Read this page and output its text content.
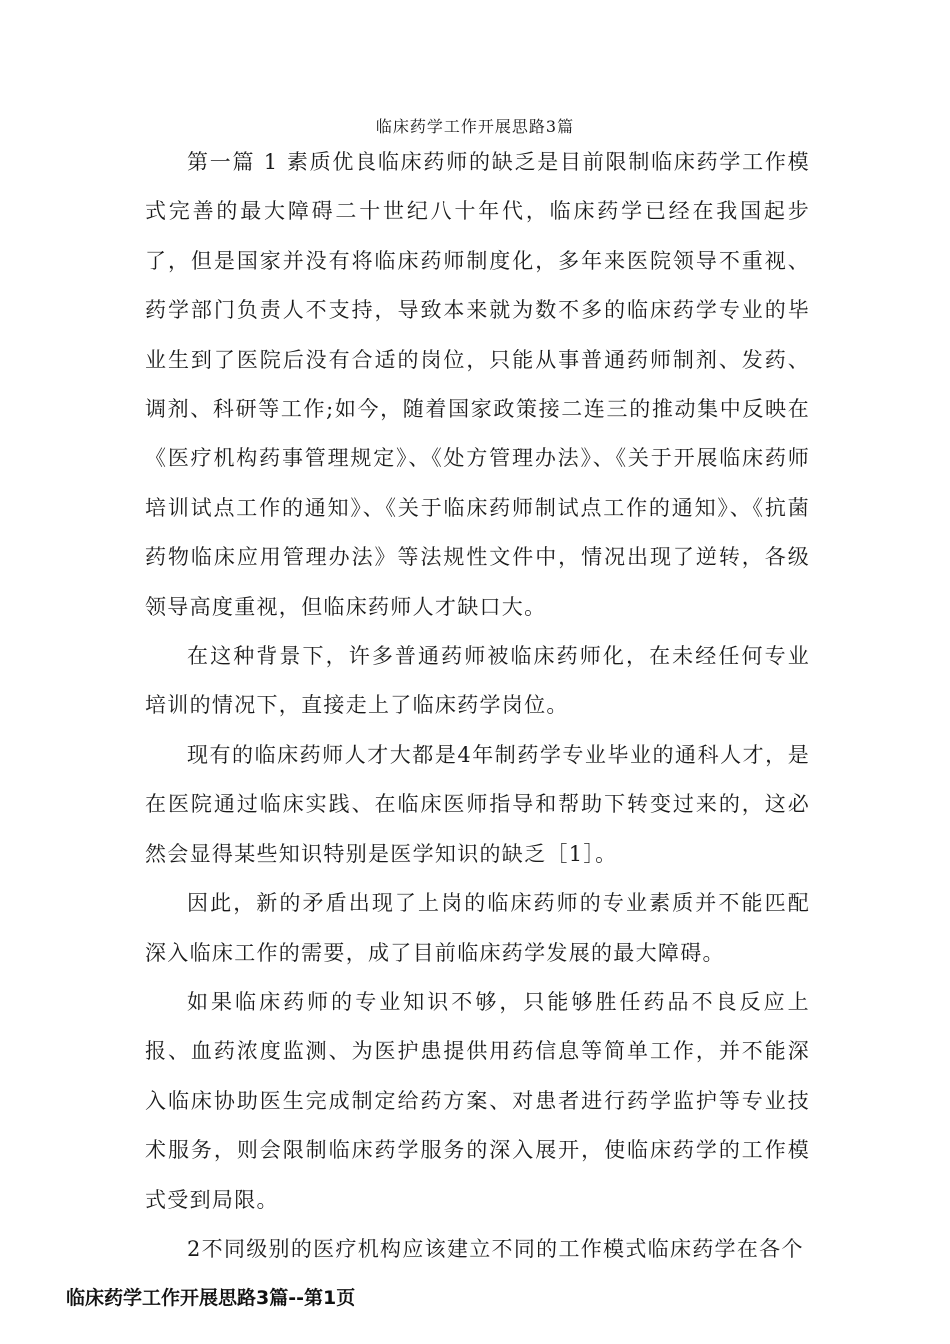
临床药学工作开展思路3篇

第一篇 1 素质优良临床药师的缺乏是目前限制临床药学工作模式完善的最大障碍二十世纪八十年代，临床药学已经在我国起步了，但是国家并没有将临床药师制度化，多年来医院领导不重视、药学部门负责人不支持，导致本来就为数不多的临床药学专业的毕业生到了医院后没有合适的岗位，只能从事普通药师制剂、发药、调剂、科研等工作;如今，随着国家政策接二连三的推动集中反映在《医疗机构药事管理规定》、《处方管理办法》、《关于开展临床药师培训试点工作的通知》、《关于临床药师制试点工作的通知》、《抗菌药物临床应用管理办法》等法规性文件中，情况出现了逆转，各级领导高度重视，但临床药师人才缺口大。

在这种背景下，许多普通药师被临床药师化，在未经任何专业培训的情况下，直接走上了临床药学岗位。

现有的临床药师人才大都是4年制药学专业毕业的通科人才，是在医院通过临床实践、在临床医师指导和帮助下转变过来的，这必然会显得某些知识特别是医学知识的缺乏［1］。

因此，新的矛盾出现了上岗的临床药师的专业素质并不能匹配深入临床工作的需要，成了目前临床药学发展的最大障碍。

如果临床药师的专业知识不够，只能够胜任药品不良反应上报、血药浓度监测、为医护患提供用药信息等简单工作，并不能深入临床协助医生完成制定给药方案、对患者进行药学监护等专业技术服务，则会限制临床药学服务的深入展开，使临床药学的工作模式受到局限。

2不同级别的医疗机构应该建立不同的工作模式临床药学在各个

临床药学工作开展思路3篇--第1页
